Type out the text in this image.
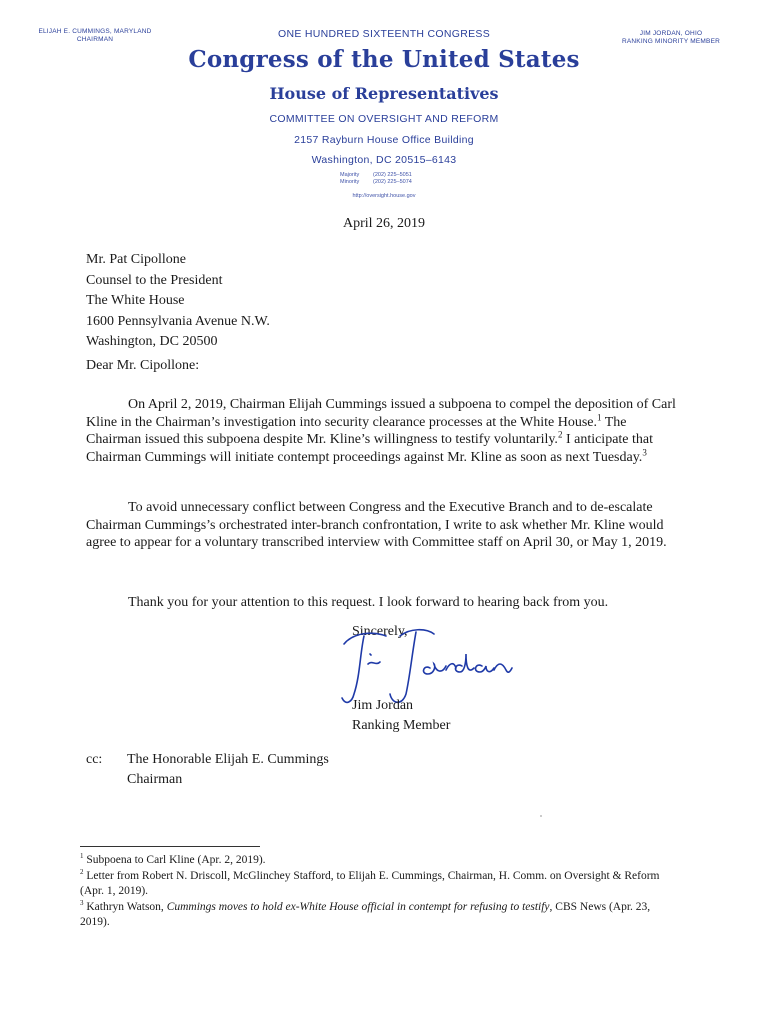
ELIJAH E. CUMMINGS, MARYLAND
CHAIRMAN	ONE HUNDRED SIXTEENTH CONGRESS	JIM JORDAN, OHIO
RANKING MINORITY MEMBER
Congress of the United States
House of Representatives
COMMITTEE ON OVERSIGHT AND REFORM
2157 Rayburn House Office Building
Washington, DC 20515–6143
Majority	(202) 225–5051
Minority	(202) 225–5074
http://oversight.house.gov
April 26, 2019
Mr. Pat Cipollone
Counsel to the President
The White House
1600 Pennsylvania Avenue N.W.
Washington, DC 20500
Dear Mr. Cipollone:
On April 2, 2019, Chairman Elijah Cummings issued a subpoena to compel the deposition of Carl Kline in the Chairman’s investigation into security clearance processes at the White House.$^1$ The Chairman issued this subpoena despite Mr. Kline’s willingness to testify voluntarily.$^2$ I anticipate that Chairman Cummings will initiate contempt proceedings against Mr. Kline as soon as next Tuesday.$^3$
To avoid unnecessary conflict between Congress and the Executive Branch and to de-escalate Chairman Cummings’s orchestrated inter-branch confrontation, I write to ask whether Mr. Kline would agree to appear for a voluntary transcribed interview with Committee staff on April 30, or May 1, 2019.
Thank you for your attention to this request. I look forward to hearing back from you.
Sincerely,
Jim Jordan
Ranking Member
cc: The Honorable Elijah E. Cummings
Chairman
$^1$ Subpoena to Carl Kline (Apr. 2, 2019).
$^2$ Letter from Robert N. Driscoll, McGlinchey Stafford, to Elijah E. Cummings, Chairman, H. Comm. on Oversight & Reform (Apr. 1, 2019).
$^3$ Kathryn Watson, Cummings moves to hold ex-White House official in contempt for refusing to testify, CBS News (Apr. 23, 2019).
